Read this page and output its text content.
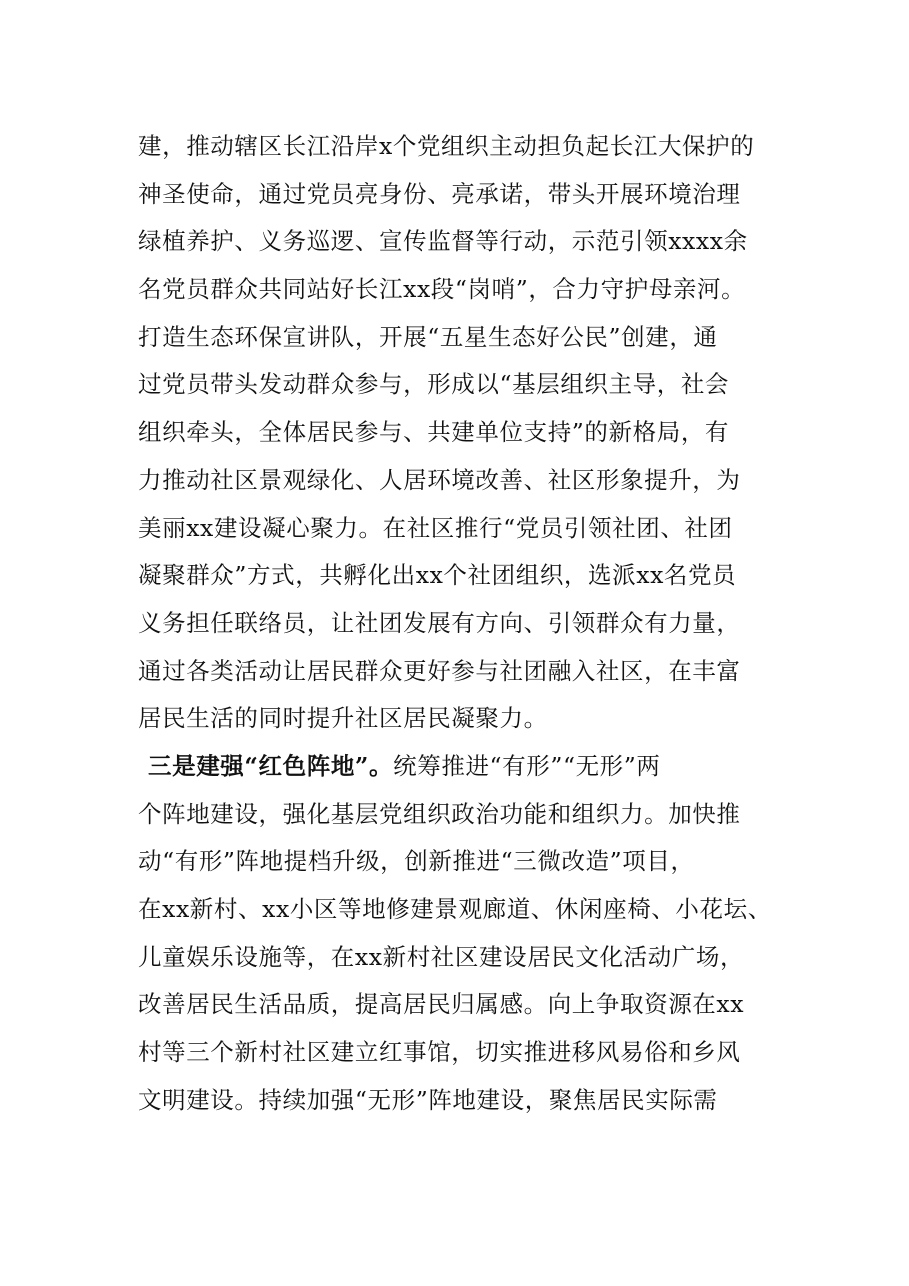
建，推动辖区长江沿岸x个党组织主动担负起长江大保护的
神圣使命，通过党员亮身份、亮承诺，带头开展环境治理
绿植养护、义务巡逻、宣传监督等行动，示范引领xxxx余
名党员群众共同站好长江xx段“岗哨”，合力守护母亲河。
打造生态环保宣讲队，开展“五星生态好公民”创建，通
过党员带头发动群众参与，形成以“基层组织主导，社会
组织牵头，全体居民参与、共建单位支持”的新格局，有
力推动社区景观绿化、人居环境改善、社区形象提升，为
美丽xx建设凝心聚力。在社区推行“党员引领社团、社团
凝聚群众”方式，共孵化出xx个社团组织，选派xx名党员
义务担任联络员，让社团发展有方向、引领群众有力量，
通过各类活动让居民群众更好参与社团融入社区，在丰富
居民生活的同时提升社区居民凝聚力。
三是建强“红色阵地”。统筹推进“有形”“无形”两
个阵地建设，强化基层党组织政治功能和组织力。加快推
动“有形”阵地提档升级，创新推进“三微改造”项目，
在xx新村、xx小区等地修建景观廊道、休闲座椅、小花坛、
儿童娱乐设施等，在xx新村社区建设居民文化活动广场，
改善居民生活品质，提高居民归属感。向上争取资源在xx
村等三个新村社区建立红事馆，切实推进移风易俗和乡风
文明建设。持续加强“无形”阵地建设，聚焦居民实际需
